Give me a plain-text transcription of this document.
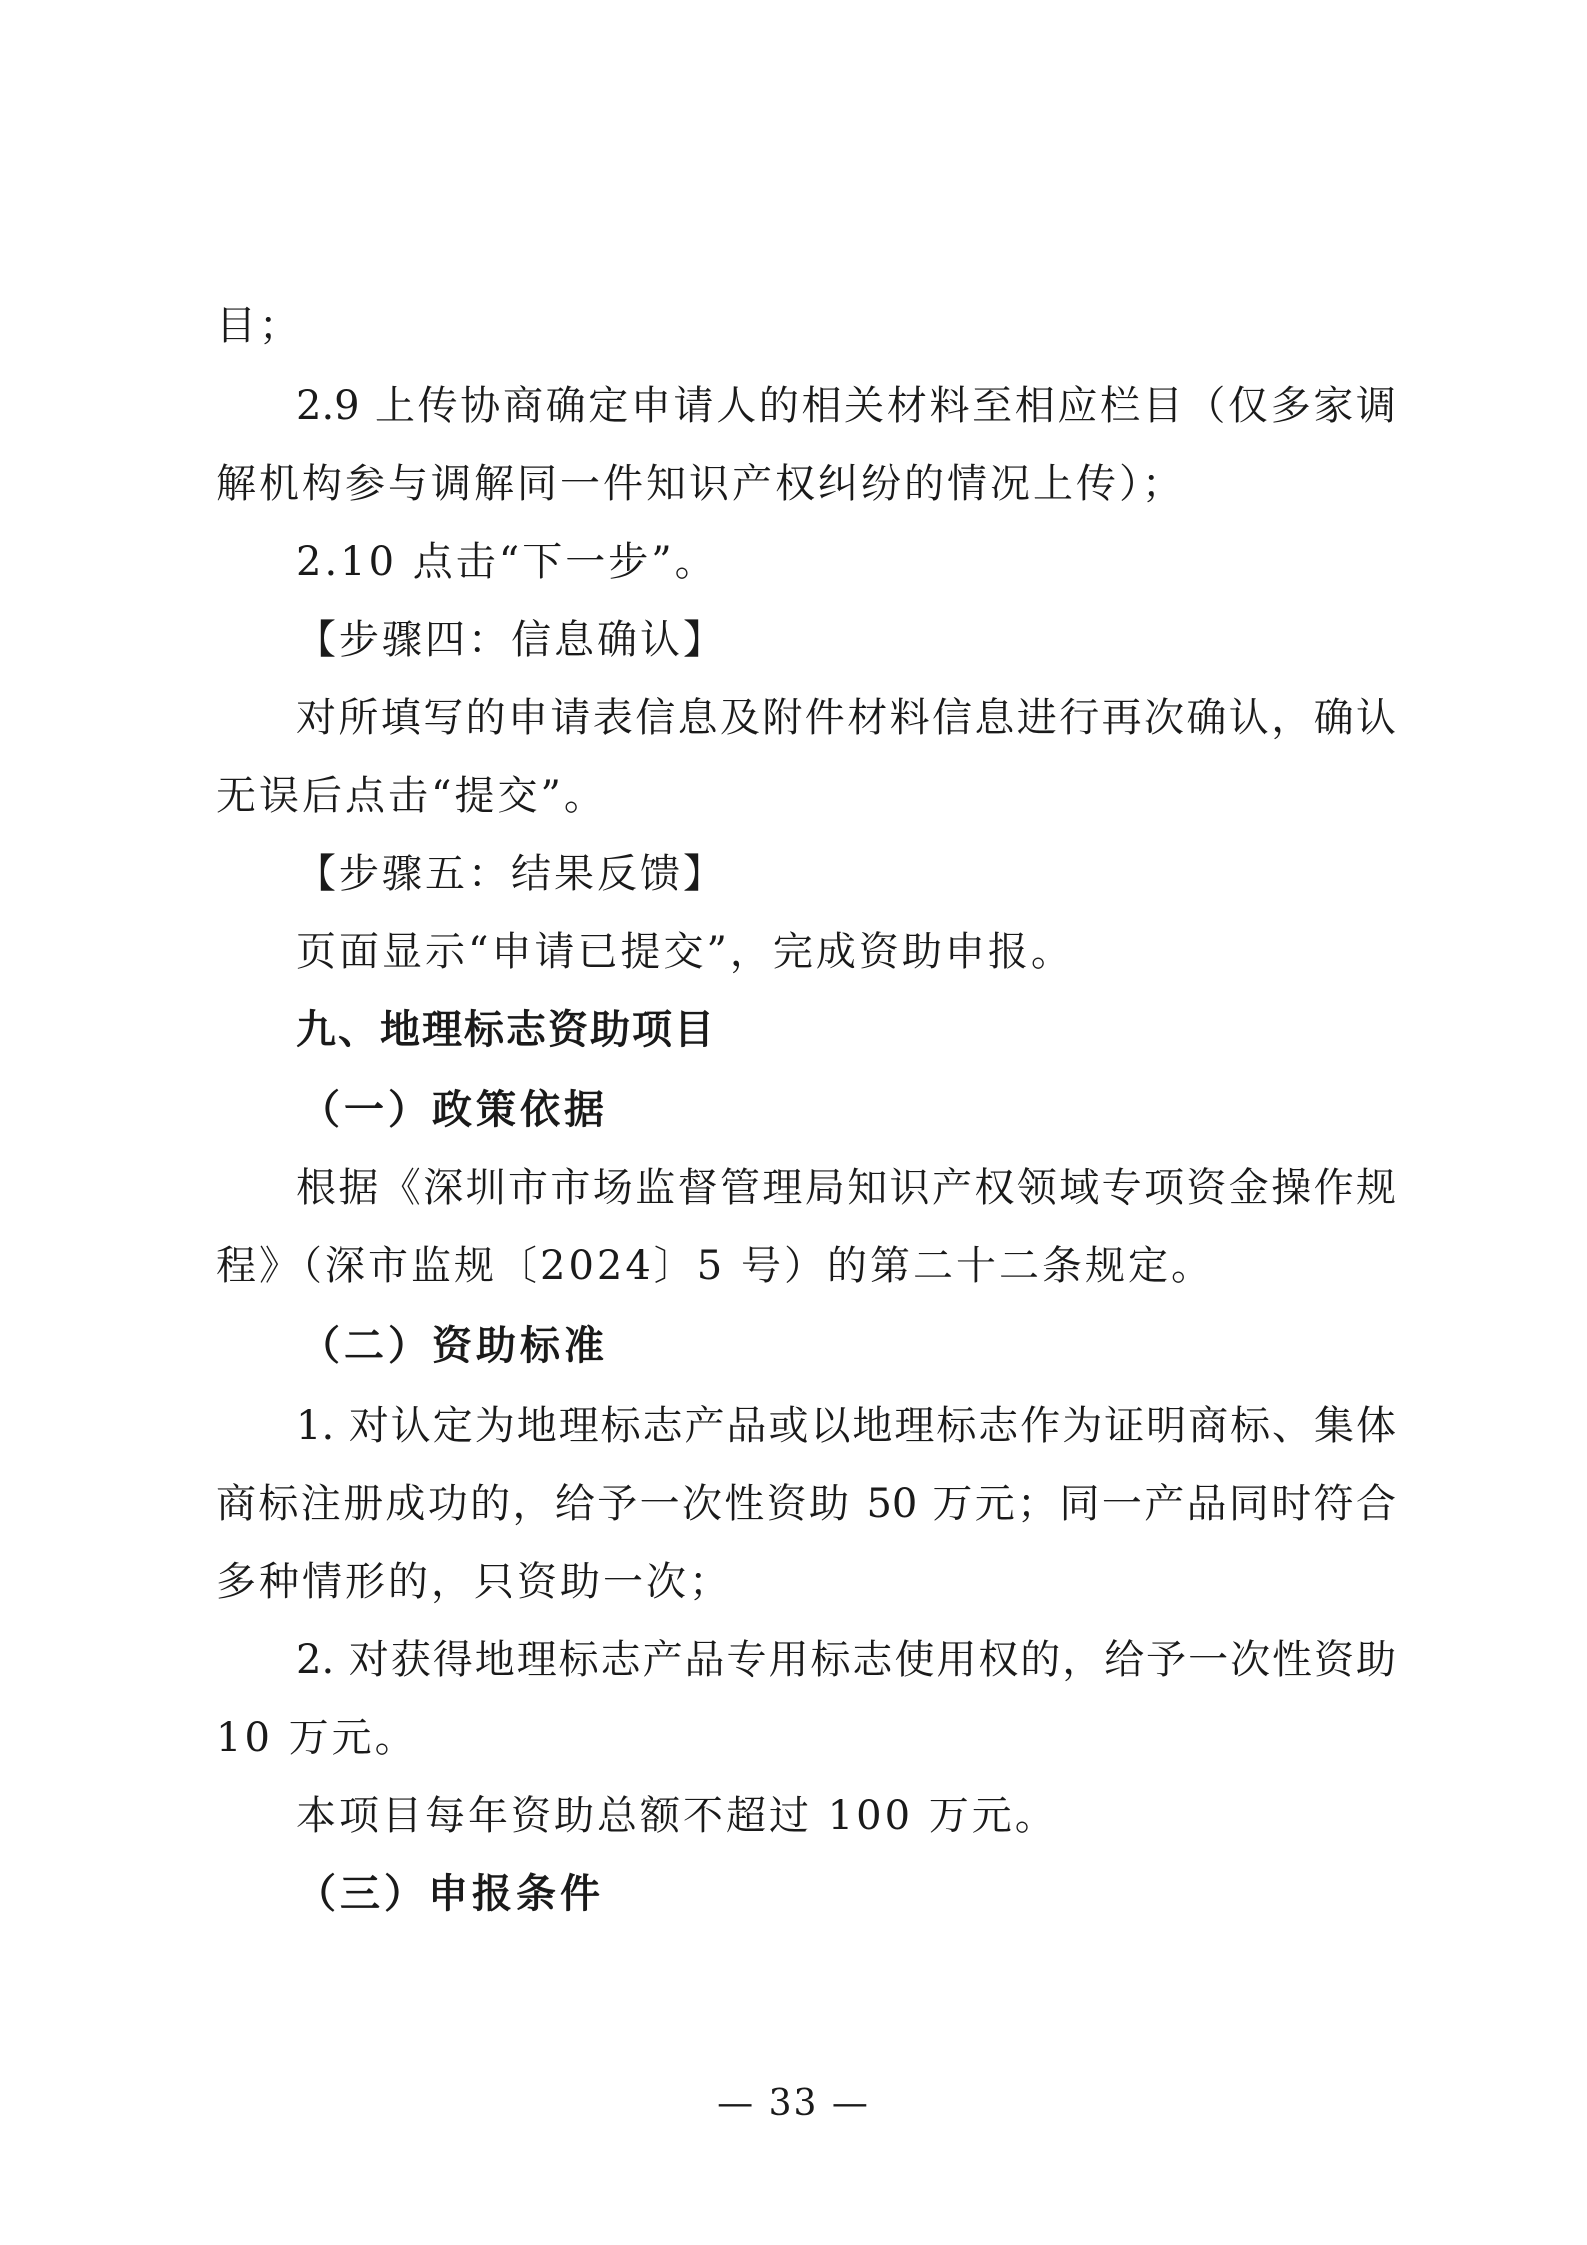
目；
2.9 上传协商确定申请人的相关材料至相应栏目（仅多家调
解机构参与调解同一件知识产权纠纷的情况上传）；
2.10 点击“下一步”。
【步骤四：信息确认】
对所填写的申请表信息及附件材料信息进行再次确认，确认
无误后点击“提交”。
【步骤五：结果反馈】
页面显示“申请已提交”，完成资助申报。
九、地理标志资助项目
（一）政策依据
根据《深圳市市场监督管理局知识产权领域专项资金操作规
程》（深市监规〔2024〕5 号）的第二十二条规定。
（二）资助标准
1. 对认定为地理标志产品或以地理标志作为证明商标、集体
商标注册成功的，给予一次性资助 50 万元；同一产品同时符合
多种情形的，只资助一次；
2. 对获得地理标志产品专用标志使用权的，给予一次性资助
10 万元。
本项目每年资助总额不超过 100 万元。
（三）申报条件
— 33 —
